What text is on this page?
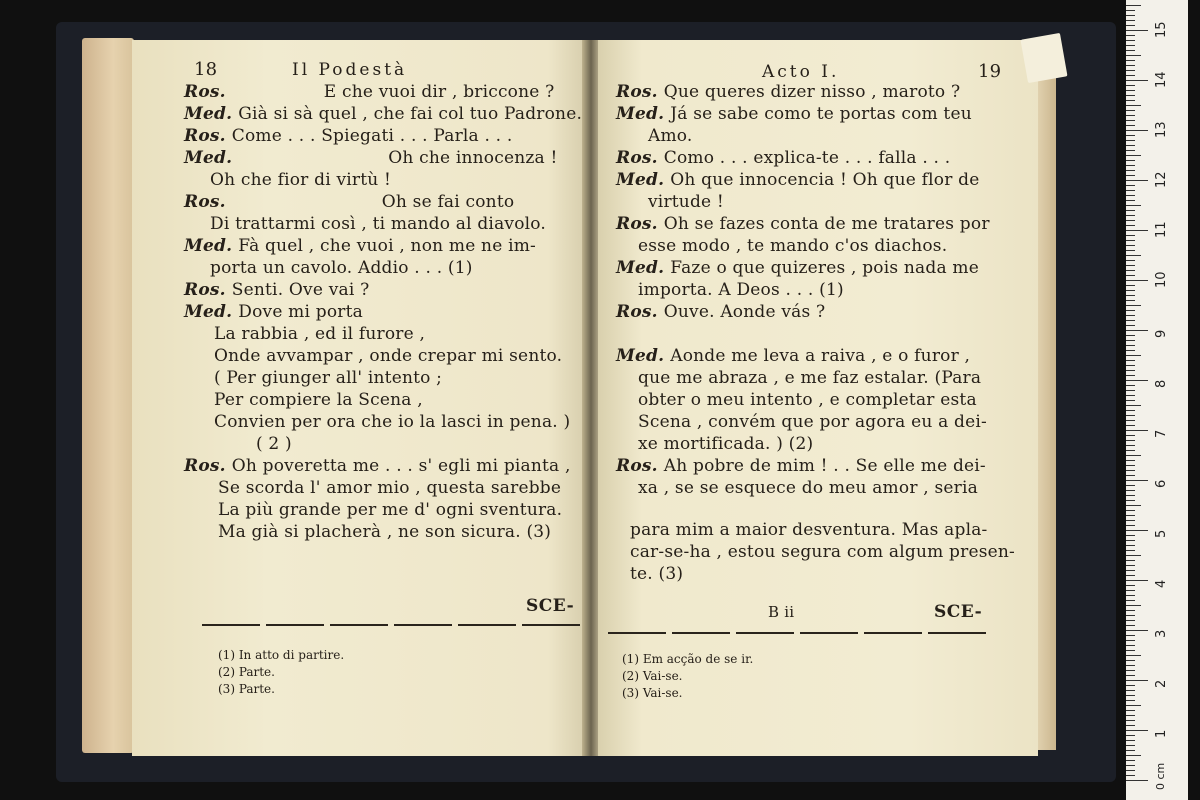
18	Il Podestà
Ros.	E che vuoi dir , briccone ?
Med. Già si sà quel , che fai col tuo Padrone.
Ros. Come . . . Spiegati . . . Parla . . .
Med.	Oh che innocenza !
Oh che fior di virtù !
Ros.	Oh se fai conto
Di trattarmi così , ti mando al diavolo.
Med. Fà quel , che vuoi , non me ne im-
porta un cavolo. Addio . . . (1)
Ros. Senti. Ove vai ?
Med. Dove mi porta
La rabbia , ed il furore ,
Onde avvampar , onde crepar mi sento.
( Per giunger all' intento ;
Per compiere la Scena ,
Convien per ora che io la lasci in pena. )
( 2 )
Ros. Oh poveretta me . . . s' egli mi pianta ,
Se scorda l' amor mio , questa sarebbe
La più grande per me d' ogni sventura.
Ma già si placherà , ne son sicura. (3)
SCE-
(1) In atto di partire.
(2) Parte.
(3) Parte.
Acto I.	19
Ros. Que queres dizer nisso , maroto ?
Med. Já se sabe como te portas com teu
Amo.
Ros. Como . . . explica-te . . . falla . . .
Med. Oh que innocencia ! Oh que flor de
virtude !
Ros. Oh se fazes conta de me tratares por
esse modo , te mando c'os diachos.
Med. Faze o que quizeres , pois nada me
importa. A Deos . . . (1)
Ros. Ouve. Aonde vás ?
Med. Aonde me leva a raiva , e o furor ,
que me abraza , e me faz estalar. (Para
obter o meu intento , e completar esta
Scena , convém que por agora eu a dei-
xe mortificada. ) (2)
Ros. Ah pobre de mim ! . . Se elle me dei-
xa , se se esquece do meu amor , seria
para mim a maior desventura. Mas apla-
car-se-ha , estou segura com algum presen-
te. (3)
B ii	SCE-
(1) Em acção de se ir.
(2) Vai-se.
(3) Vai-se.
15
14
13
12
11
10
9
8
7
6
5
4
3
2
1
0 cm
